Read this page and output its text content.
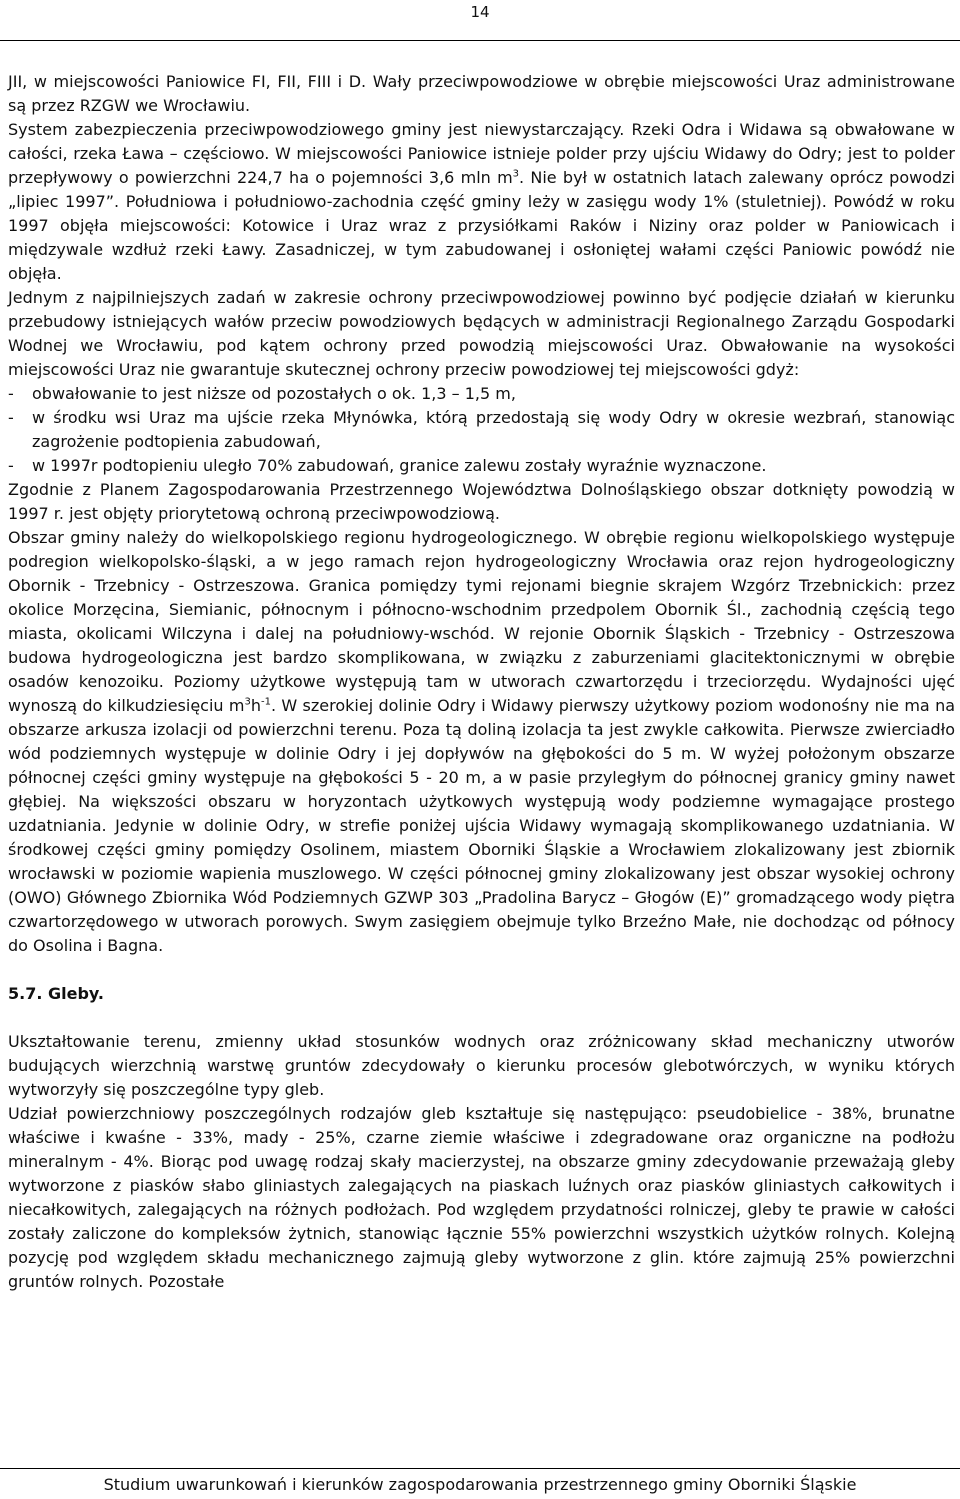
14

JII, w miejscowości Paniowice FI, FII, FIII i D. Wały przeciwpowodziowe w obrębie miejscowości Uraz administrowane są przez RZGW we Wrocławiu.
System zabezpieczenia przeciwpowodziowego gminy jest niewystarczający. Rzeki Odra i Widawa są obwałowane w całości, rzeka Ława – częściowo. W miejscowości Paniowice istnieje polder przy ujściu Widawy do Odry; jest to polder przepływowy o powierzchni 224,7 ha o pojemności 3,6 mln $m^3$. Nie był w ostatnich latach zalewany oprócz powodzi „lipiec 1997”. Południowa i południowo-zachodnia część gminy leży w zasięgu wody 1% (stuletniej). Powódź w roku 1997 objęła miejscowości: Kotowice i Uraz wraz z przysiółkami Raków i Niziny oraz polder w Paniowicach i międzywale wzdłuż rzeki Ławy. Zasadniczej, w tym zabudowanej i osłoniętej wałami części Paniowic powódź nie objęła.

Jednym z najpilniejszych zadań w zakresie ochrony przeciwpowodziowej powinno być podjęcie działań w kierunku przebudowy istniejących wałów przeciw powodziowych będących w administracji Regionalnego Zarządu Gospodarki Wodnej we Wrocławiu, pod kątem ochrony przed powodzią miejscowości Uraz. Obwałowanie na wysokości miejscowości Uraz nie gwarantuje skutecznej ochrony przeciw powodziowej tej miejscowości gdyż:

-	obwałowanie to jest niższe od pozostałych o ok. 1,3 – 1,5 m,
-	w środku wsi Uraz ma ujście rzeka Młynówka, którą przedostają się wody Odry w okresie wezbrań, stanowiąc zagrożenie podtopienia zabudowań,
-	w 1997r podtopieniu uległo 70% zabudowań, granice zalewu zostały wyraźnie wyznaczone.

Zgodnie z Planem Zagospodarowania Przestrzennego Województwa Dolnośląskiego obszar dotknięty powodzią w 1997 r. jest objęty priorytetową ochroną przeciwpowodziową.

Obszar gminy należy do wielkopolskiego regionu hydrogeologicznego. W obrębie regionu wielkopolskiego występuje podregion wielkopolsko-śląski, a w jego ramach rejon hydrogeologiczny Wrocławia oraz rejon hydrogeologiczny Obornik - Trzebnicy - Ostrzeszowa. Granica pomiędzy tymi rejonami biegnie skrajem Wzgórz Trzebnickich: przez okolice Morzęcina, Siemianic, północnym i północno-wschodnim przedpolem Obornik Śl., zachodnią częścią tego miasta, okolicami Wilczyna i dalej na południowy-wschód. W rejonie Obornik Śląskich - Trzebnicy - Ostrzeszowa budowa hydrogeologiczna jest bardzo skomplikowana, w związku z zaburzeniami glacitektonicznymi w obrębie osadów kenozoiku. Poziomy użytkowe występują tam w utworach czwartorzędu i trzeciorzędu. Wydajności ujęć wynoszą do kilkudziesięciu $m^3h^{-1}$. W szerokiej dolinie Odry i Widawy pierwszy użytkowy poziom wodonośny nie ma na obszarze arkusza izolacji od powierzchni terenu. Poza tą doliną izolacja ta jest zwykle całkowita. Pierwsze zwierciadło wód podziemnych występuje w dolinie Odry i jej dopływów na głębokości do 5 m. W wyżej położonym obszarze północnej części gminy występuje na głębokości 5 - 20 m, a w pasie przyległym do północnej granicy gminy nawet głębiej. Na większości obszaru w horyzontach użytkowych występują wody podziemne wymagające prostego uzdatniania. Jedynie w dolinie Odry, w strefie poniżej ujścia Widawy wymagają skomplikowanego uzdatniania. W środkowej części gminy pomiędzy Osolinem, miastem Oborniki Śląskie a Wrocławiem zlokalizowany jest zbiornik wrocławski w poziomie wapienia muszlowego. W części północnej gminy zlokalizowany jest obszar wysokiej ochrony (OWO) Głównego Zbiornika Wód Podziemnych GZWP 303 „Pradolina Barycz – Głogów (E)” gromadzącego wody piętra czwartorzędowego w utworach porowych. Swym zasięgiem obejmuje tylko Brzeźno Małe, nie dochodząc od północy do Osolina i Bagna.

5.7. Gleby.

Ukształtowanie terenu, zmienny układ stosunków wodnych oraz zróżnicowany skład mechaniczny utworów budujących wierzchnią warstwę gruntów zdecydowały o kierunku procesów glebotwórczych, w wyniku których wytworzyły się poszczególne typy gleb.

Udział powierzchniowy poszczególnych rodzajów gleb kształtuje się następująco: pseudobielice - 38%, brunatne właściwe i kwaśne - 33%, mady - 25%, czarne ziemie właściwe i zdegradowane oraz organiczne na podłożu mineralnym - 4%. Biorąc pod uwagę rodzaj skały macierzystej, na obszarze gminy zdecydowanie przeważają gleby wytworzone z piasków słabo gliniastych zalegających na piaskach luźnych oraz piasków gliniastych całkowitych i niecałkowitych, zalegających na różnych podłożach. Pod względem przydatności rolniczej, gleby te prawie w całości zostały zaliczone do kompleksów żytnich, stanowiąc łącznie 55% powierzchni wszystkich użytków rolnych. Kolejną pozycję pod względem składu mechanicznego zajmują gleby wytworzone z glin. które zajmują 25% powierzchni gruntów rolnych. Pozostałe

Studium uwarunkowań i kierunków zagospodarowania przestrzennego gminy Oborniki Śląskie
